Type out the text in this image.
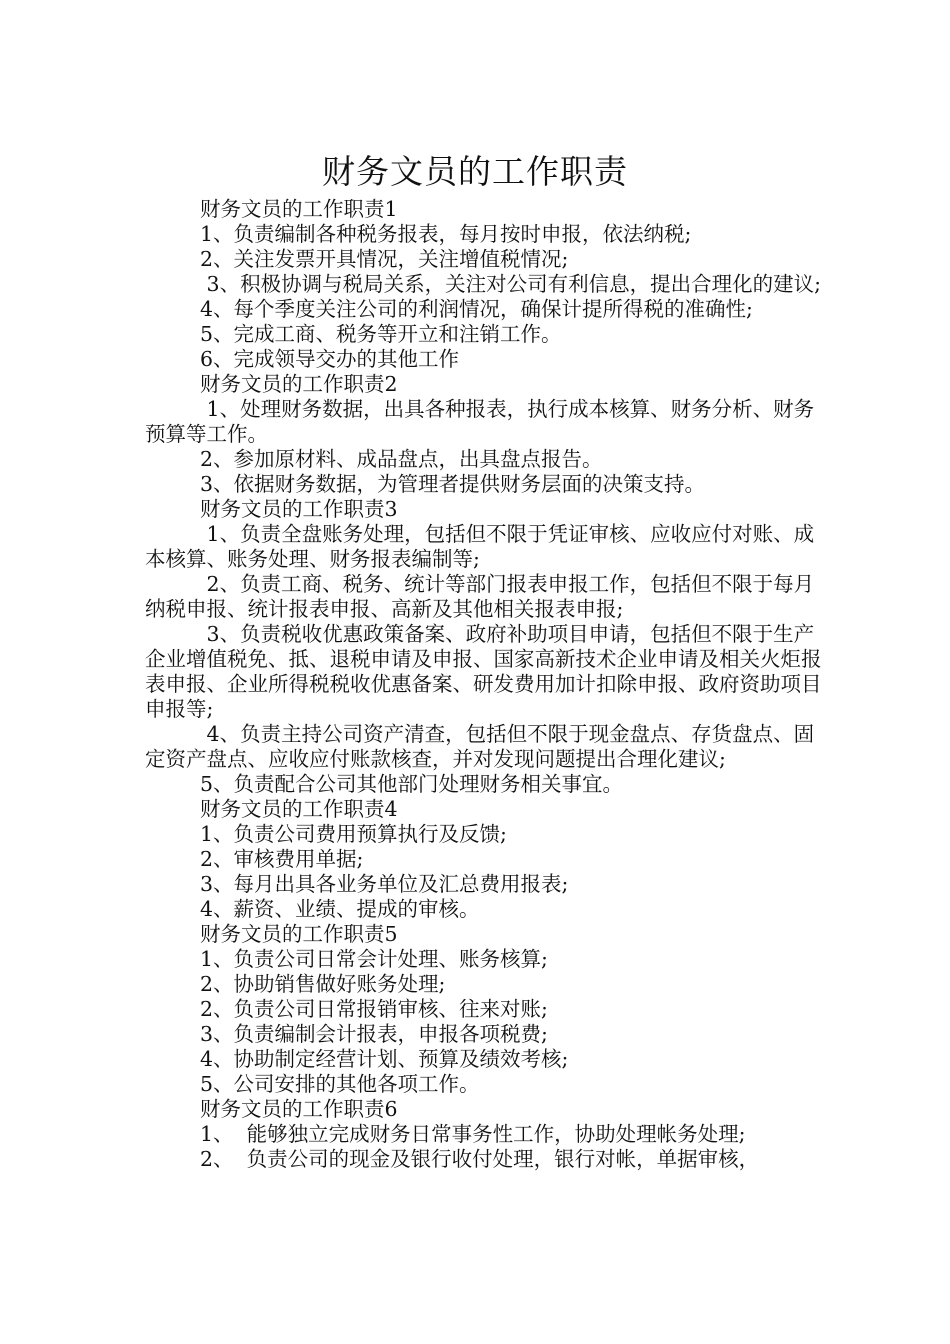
财务文员的工作职责

财务文员的工作职责1

1、负责编制各种税务报表，每月按时申报，依法纳税;

2、关注发票开具情况，关注增值税情况;

3、积极协调与税局关系，关注对公司有利信息，提出合理化的建议;

4、每个季度关注公司的利润情况，确保计提所得税的准确性;

5、完成工商、税务等开立和注销工作。

6、完成领导交办的其他工作

财务文员的工作职责2

1、处理财务数据，出具各种报表，执行成本核算、财务分析、财务预算等工作。

2、参加原材料、成品盘点，出具盘点报告。

3、依据财务数据，为管理者提供财务层面的决策支持。

财务文员的工作职责3

1、负责全盘账务处理，包括但不限于凭证审核、应收应付对账、成本核算、账务处理、财务报表编制等;

2、负责工商、税务、统计等部门报表申报工作，包括但不限于每月纳税申报、统计报表申报、高新及其他相关报表申报;

3、负责税收优惠政策备案、政府补助项目申请，包括但不限于生产企业增值税免、抵、退税申请及申报、国家高新技术企业申请及相关火炬报表申报、企业所得税税收优惠备案、研发费用加计扣除申报、政府资助项目申报等;

4、负责主持公司资产清查，包括但不限于现金盘点、存货盘点、固定资产盘点、应收应付账款核查，并对发现问题提出合理化建议;

5、负责配合公司其他部门处理财务相关事宜。

财务文员的工作职责4

1、负责公司费用预算执行及反馈;

2、审核费用单据;

3、每月出具各业务单位及汇总费用报表;

4、薪资、业绩、提成的审核。

财务文员的工作职责5

1、负责公司日常会计处理、账务核算;

2、协助销售做好账务处理;

2、负责公司日常报销审核、往来对账;

3、负责编制会计报表，申报各项税费;

4、协助制定经营计划、预算及绩效考核;

5、公司安排的其他各项工作。

财务文员的工作职责6

1、  能够独立完成财务日常事务性工作，协助处理帐务处理;

2、  负责公司的现金及银行收付处理，银行对帐，单据审核，
